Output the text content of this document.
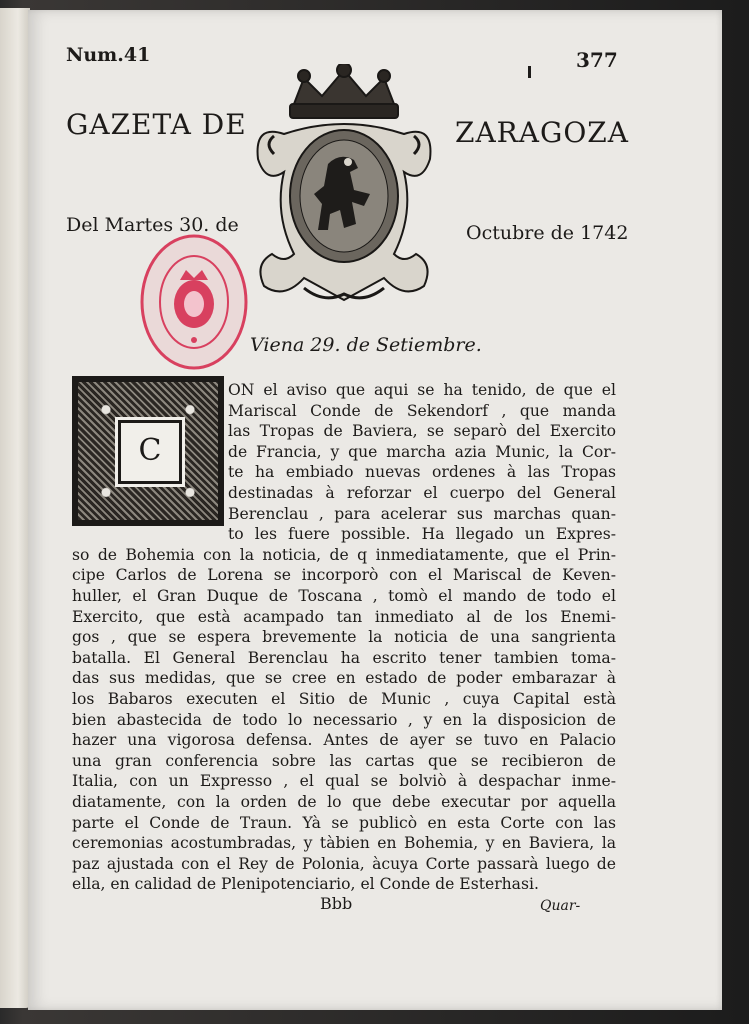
Num.41	377
GAZETA DE	ZARAGOZA
Del Martes 30. de	Octubre de 1742
Viena 29. de Setiembre.
C
ON el aviso que aqui se ha tenido, de que el
Mariscal Conde de Sekendorf , que manda
las Tropas de Baviera, se separò del Exercito
de Francia, y que marcha azia Munic, la Cor-
te ha embiado nuevas ordenes à las Tropas
destinadas à reforzar el cuerpo del General
Berenclau , para acelerar sus marchas quan-
to les fuere possible. Ha llegado un Expres-
so de Bohemia con la noticia, de q inmediatamente, que el Prin-
cipe Carlos de Lorena se incorporò con el Mariscal de Keven-
huller, el Gran Duque de Toscana , tomò el mando de todo el
Exercito, que està acampado tan inmediato al de los Enemi-
gos , que se espera brevemente la noticia de una sangrienta
batalla. El General Berenclau ha escrito tener tambien toma-
das sus medidas, que se cree en estado de poder embarazar à
los Babaros executen el Sitio de Munic , cuya Capital està
bien abastecida de todo lo necessario , y en la disposicion de
hazer una vigorosa defensa. Antes de ayer se tuvo en Palacio
una gran conferencia sobre las cartas que se recibieron de
Italia, con un Expresso , el qual se bolviò à despachar inme-
diatamente, con la orden de lo que debe executar por aquella
parte el Conde de Traun. Yà se publicò en esta Corte con las
ceremonias acostumbradas, y tàbien en Bohemia, y en Baviera, la
paz ajustada con el Rey de Polonia, àcuya Corte passarà luego de
ella, en calidad de Plenipotenciario, el Conde de Esterhasi.
Bbb	Quar-
